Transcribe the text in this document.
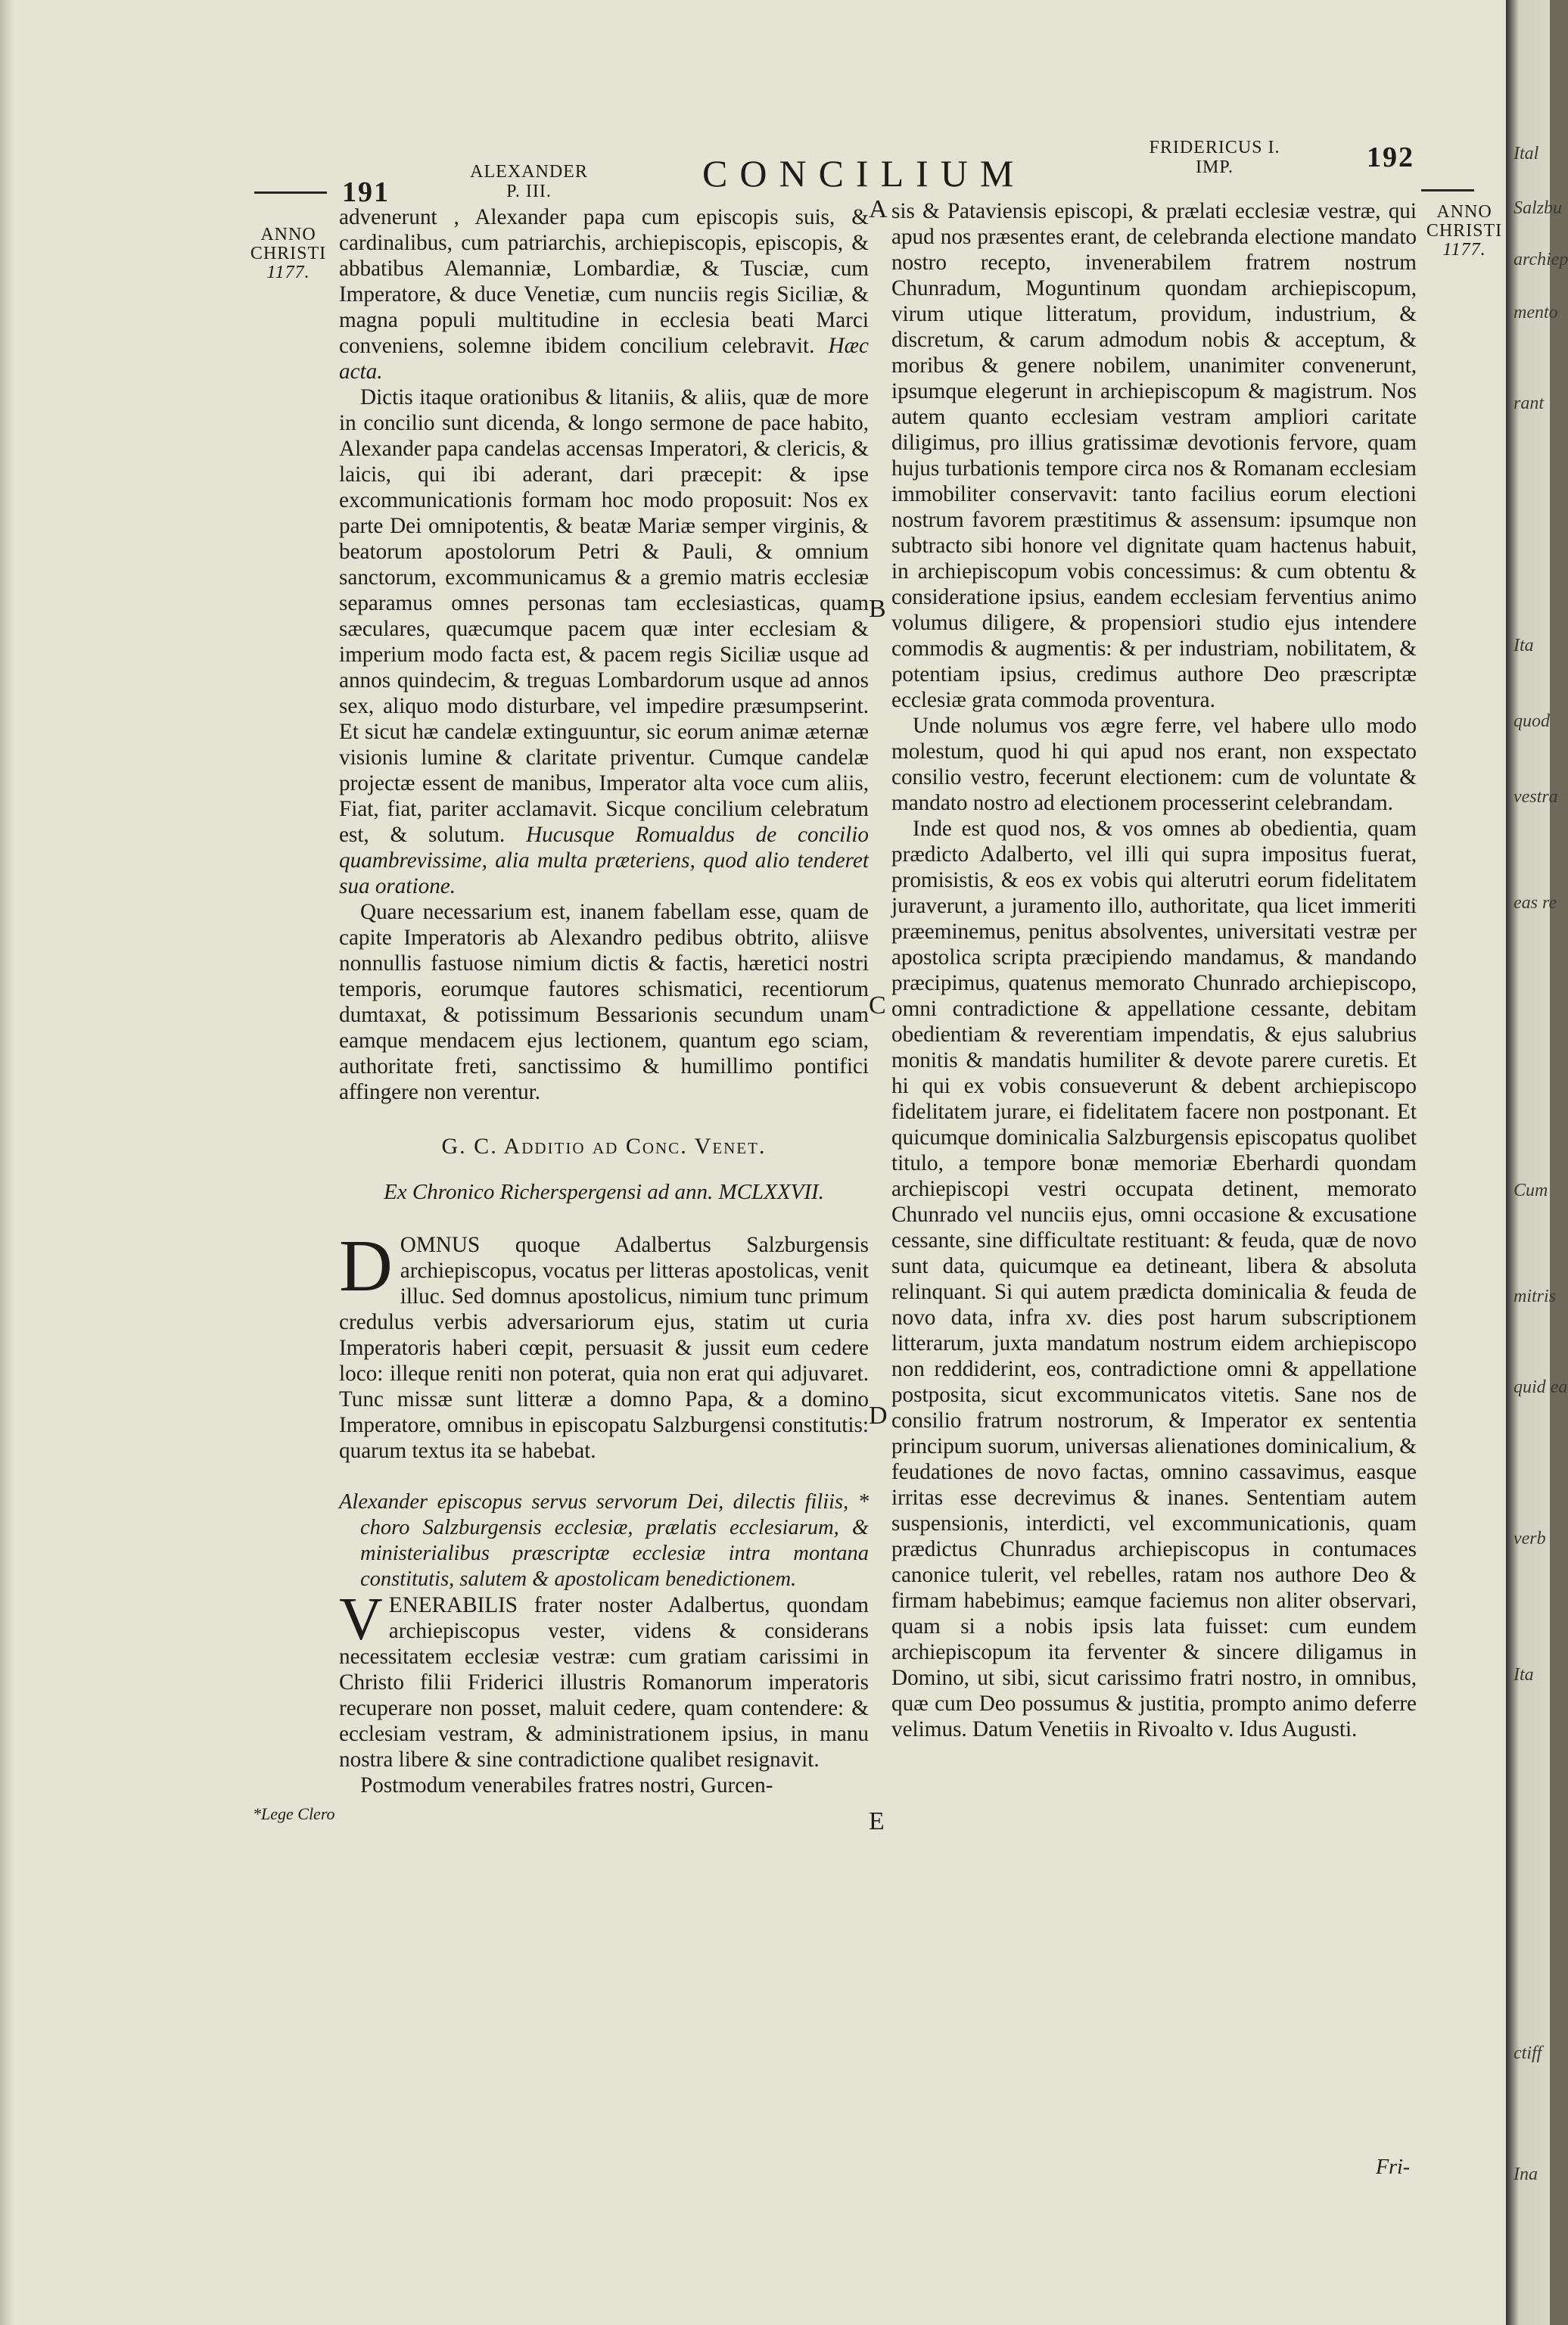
191
ALEXANDER
P. III.	CONCILIUM
FRIDERICUS I.
IMP.	192
ANNO
CHRISTI
1177.
ANNO
CHRISTI
1177.
*Lege Clero
A
B
C
D
E

advenerunt , Alexander papa cum episcopis suis, & cardinalibus, cum patriarchis, archiepiscopis, episcopis, & abbatibus Alemanniæ, Lombardiæ, & Tusciæ, cum Imperatore, & duce Venetiæ, cum nunciis regis Siciliæ, & magna populi multitudine in ecclesia beati Marci conveniens, solemne ibidem concilium celebravit. Hæc acta.

Dictis itaque orationibus & litaniis, & aliis, quæ de more in concilio sunt dicenda, & longo sermone de pace habito, Alexander papa candelas accensas Imperatori, & clericis, & laicis, qui ibi aderant, dari præcepit: & ipse excommunicationis formam hoc modo proposuit: Nos ex parte Dei omnipotentis, & beatæ Mariæ semper virginis, & beatorum apostolorum Petri & Pauli, & omnium sanctorum, excommunicamus & a gremio matris ecclesiæ separamus omnes personas tam ecclesiasticas, quam sæculares, quæcumque pacem quæ inter ecclesiam & imperium modo facta est, & pacem regis Siciliæ usque ad annos quindecim, & treguas Lombardorum usque ad annos sex, aliquo modo disturbare, vel impedire præsumpserint. Et sicut hæ candelæ extinguuntur, sic eorum animæ æternæ visionis lumine & claritate priventur. Cumque candelæ projectæ essent de manibus, Imperator alta voce cum aliis, Fiat, fiat, pariter acclamavit. Sicque concilium celebratum est, & solutum. Hucusque Romualdus de concilio quambrevissime, alia multa præteriens, quod alio tenderet sua oratione.

Quare necessarium est, inanem fabellam esse, quam de capite Imperatoris ab Alexandro pedibus obtrito, aliisve nonnullis fastuose nimium dictis & factis, hæretici nostri temporis, eorumque fautores schismatici, recentiorum dumtaxat, & potissimum Bessarionis secundum unam eamque mendacem ejus lectionem, quantum ego sciam, authoritate freti, sanctissimo & humillimo pontifici affingere non verentur.

G. C. Additio ad Conc. Venet.
Ex Chronico Richerspergensi ad ann. MCLXXVII.

DOMNUS quoque Adalbertus Salzburgensis archiepiscopus, vocatus per litteras apostolicas, venit illuc. Sed domnus apostolicus, nimium tunc primum credulus verbis adversariorum ejus, statim ut curia Imperatoris haberi cœpit, persuasit & jussit eum cedere loco: illeque reniti non poterat, quia non erat qui adjuvaret. Tunc missæ sunt litteræ a domno Papa, & a domino Imperatore, omnibus in episcopatu Salzburgensi constitutis: quarum textus ita se habebat.

Alexander episcopus servus servorum Dei, dilectis filiis, * choro Salzburgensis ecclesiæ, prælatis ecclesiarum, & ministerialibus præscriptæ ecclesiæ intra montana constitutis, salutem & apostolicam benedictionem.

VENERABILIS frater noster Adalbertus, quondam archiepiscopus vester, videns & considerans necessitatem ecclesiæ vestræ: cum gratiam carissimi in Christo filii Friderici illustris Romanorum imperatoris recuperare non posset, maluit cedere, quam contendere: & ecclesiam vestram, & administrationem ipsius, in manu nostra libere & sine contradictione qualibet resignavit.

Postmodum venerabiles fratres nostri, Gurcen-

sis & Pataviensis episcopi, & prælati ecclesiæ vestræ, qui apud nos præsentes erant, de celebranda electione mandato nostro recepto, invenerabilem fratrem nostrum Chunradum, Moguntinum quondam archiepiscopum, virum utique litteratum, providum, industrium, & discretum, & carum admodum nobis & acceptum, & moribus & genere nobilem, unanimiter convenerunt, ipsumque elegerunt in archiepiscopum & magistrum. Nos autem quanto ecclesiam vestram ampliori caritate diligimus, pro illius gratissimæ devotionis fervore, quam hujus turbationis tempore circa nos & Romanam ecclesiam immobiliter conservavit: tanto facilius eorum electioni nostrum favorem præstitimus & assensum: ipsumque non subtracto sibi honore vel dignitate quam hactenus habuit, in archiepiscopum vobis concessimus: & cum obtentu & consideratione ipsius, eandem ecclesiam ferventius animo volumus diligere, & propensiori studio ejus intendere commodis & augmentis: & per industriam, nobilitatem, & potentiam ipsius, credimus authore Deo præscriptæ ecclesiæ grata commoda proventura.

Unde nolumus vos ægre ferre, vel habere ullo modo molestum, quod hi qui apud nos erant, non exspectato consilio vestro, fecerunt electionem: cum de voluntate & mandato nostro ad electionem processerint celebrandam.

Inde est quod nos, & vos omnes ab obedientia, quam prædicto Adalberto, vel illi qui supra impositus fuerat, promisistis, & eos ex vobis qui alterutri eorum fidelitatem juraverunt, a juramento illo, authoritate, qua licet immeriti præeminemus, penitus absolventes, universitati vestræ per apostolica scripta præcipiendo mandamus, & mandando præcipimus, quatenus memorato Chunrado archiepiscopo, omni contradictione & appellatione cessante, debitam obedientiam & reverentiam impendatis, & ejus salubrius monitis & mandatis humiliter & devote parere curetis. Et hi qui ex vobis consueverunt & debent archiepiscopo fidelitatem jurare, ei fidelitatem facere non postponant. Et quicumque dominicalia Salzburgensis episcopatus quolibet titulo, a tempore bonæ memoriæ Eberhardi quondam archiepiscopi vestri occupata detinent, memorato Chunrado vel nunciis ejus, omni occasione & excusatione cessante, sine difficultate restituant: & feuda, quæ de novo sunt data, quicumque ea detineant, libera & absoluta relinquant. Si qui autem prædicta dominicalia & feuda de novo data, infra xv. dies post harum subscriptionem litterarum, juxta mandatum nostrum eidem archiepiscopo non reddiderint, eos, contradictione omni & appellatione postposita, sicut excommunicatos vitetis. Sane nos de consilio fratrum nostrorum, & Imperator ex sententia principum suorum, universas alienationes dominicalium, & feudationes de novo factas, omnino cassavimus, easque irritas esse decrevimus & inanes. Sententiam autem suspensionis, interdicti, vel excommunicationis, quam prædictus Chunradus archiepiscopus in contumaces canonice tulerit, vel rebelles, ratam nos authore Deo & firmam habebimus; eamque faciemus non aliter observari, quam si a nobis ipsis lata fuisset: cum eundem archiepiscopum ita ferventer & sincere diligamus in Domino, ut sibi, sicut carissimo fratri nostro, in omnibus, quæ cum Deo possumus & justitia, prompto animo deferre velimus. Datum Venetiis in Rivoalto v. Idus Augusti.

Fri-
Ital
Salzbu
archiep
mento
rant
Ita
quod
vestra
eas re
Cum
mitris
quid ea
verb
Ita
ctiff
Ina
